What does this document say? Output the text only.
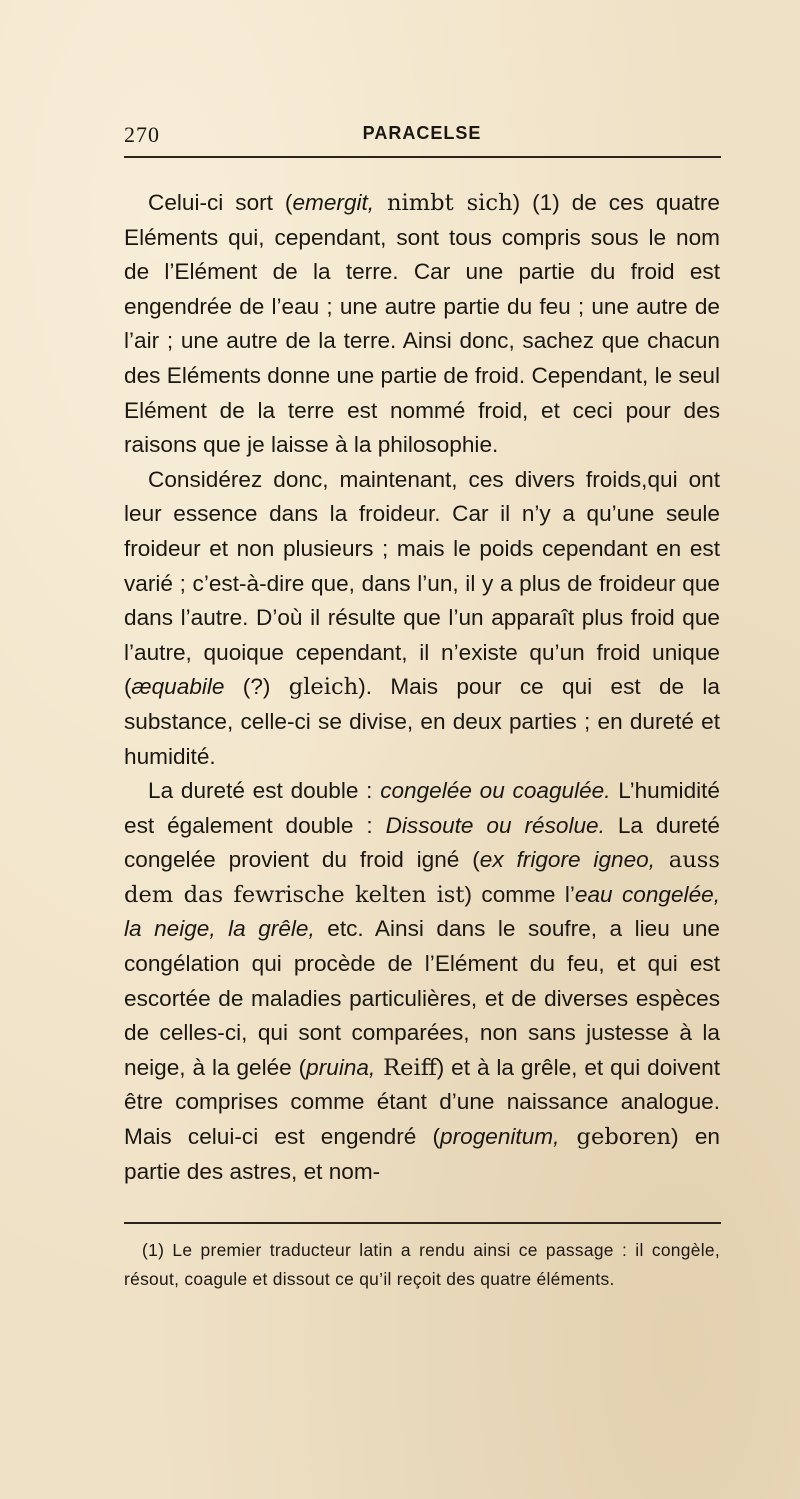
270	PARACELSE

Celui-ci sort (emergit, nimbt sich) (1) de ces quatre Eléments qui, cependant, sont tous compris sous le nom de l’Elément de la terre. Car une partie du froid est engendrée de l’eau ; une autre partie du feu ; une autre de l’air ; une autre de la terre. Ainsi donc, sachez que chacun des Eléments donne une partie de froid. Cependant, le seul Elément de la terre est nommé froid, et ceci pour des raisons que je laisse à la philosophie.

Considérez donc, maintenant, ces divers froids,qui ont leur essence dans la froideur. Car il n’y a qu’une seule froideur et non plusieurs ; mais le poids cependant en est varié ; c’est-à-dire que, dans l’un, il y a plus de froideur que dans l’autre. D’où il résulte que l’un apparaît plus froid que l’autre, quoique cependant, il n’existe qu’un froid unique (æquabile (?) gleich). Mais pour ce qui est de la substance, celle-ci se divise, en deux parties ; en dureté et humidité.

La dureté est double : congelée ou coagulée. L’humidité est également double : Dissoute ou résolue. La dureté congelée provient du froid igné (ex frigore igneo, auss dem das fewrische kelten ist) comme l’eau congelée, la neige, la grêle, etc. Ainsi dans le soufre, a lieu une congélation qui procède de l’Elément du feu, et qui est escortée de maladies particulières, et de diverses espèces de celles-ci, qui sont comparées, non sans justesse à la neige, à la gelée (pruina, Reiff) et à la grêle, et qui doivent être comprises comme étant d’une naissance analogue. Mais celui-ci est engendré (progenitum, geboren) en partie des astres, et nom-

(1) Le premier traducteur latin a rendu ainsi ce passage : il congèle, résout, coagule et dissout ce qu’il reçoit des quatre éléments.
